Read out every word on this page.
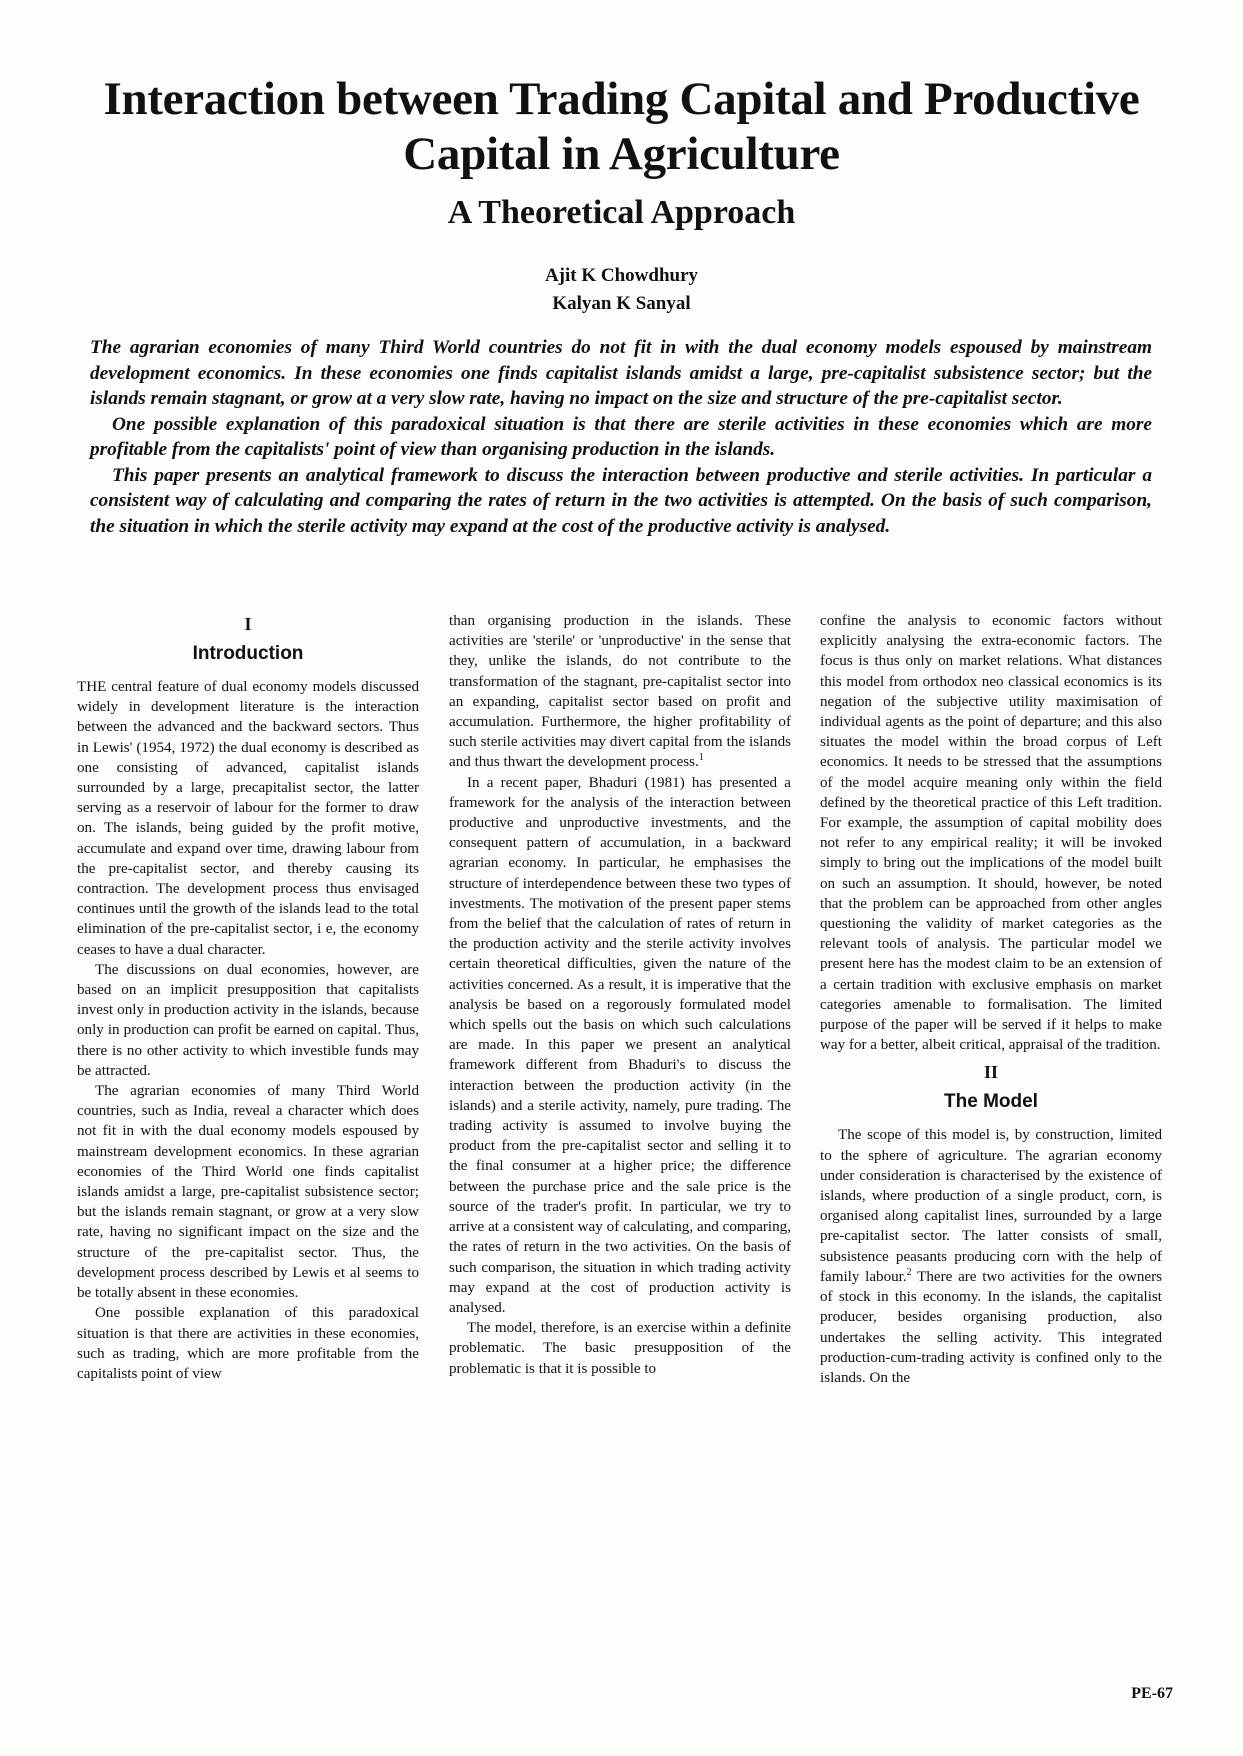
Interaction between Trading Capital and Productive Capital in Agriculture
A Theoretical Approach
Ajit K Chowdhury
Kalyan K Sanyal

The agrarian economies of many Third World countries do not fit in with the dual economy models espoused by mainstream development economics. In these economies one finds capitalist islands amidst a large, pre-capitalist subsistence sector; but the islands remain stagnant, or grow at a very slow rate, having no impact on the size and structure of the pre-capitalist sector.

One possible explanation of this paradoxical situation is that there are sterile activities in these economies which are more profitable from the capitalists' point of view than organising production in the islands.

This paper presents an analytical framework to discuss the interaction between productive and sterile activities. In particular a consistent way of calculating and comparing the rates of return in the two activities is attempted. On the basis of such comparison, the situation in which the sterile activity may expand at the cost of the productive activity is analysed.

I
Introduction

THE central feature of dual economy models discussed widely in development literature is the interaction between the advanced and the backward sectors. Thus in Lewis' (1954, 1972) the dual economy is described as one consisting of advanced, capitalist islands surrounded by a large, precapitalist sector, the latter serving as a reservoir of labour for the former to draw on. The islands, being guided by the profit motive, accumulate and expand over time, drawing labour from the pre-capitalist sector, and thereby causing its contraction. The development process thus envisaged continues until the growth of the islands lead to the total elimination of the pre-capitalist sector, i e, the economy ceases to have a dual character.

The discussions on dual economies, however, are based on an implicit presupposition that capitalists invest only in production activity in the islands, because only in production can profit be earned on capital. Thus, there is no other activity to which investible funds may be attracted.

The agrarian economies of many Third World countries, such as India, reveal a character which does not fit in with the dual economy models espoused by mainstream development economics. In these agrarian economies of the Third World one finds capitalist islands amidst a large, pre-capitalist subsistence sector; but the islands remain stagnant, or grow at a very slow rate, having no significant impact on the size and the structure of the pre-capitalist sector. Thus, the development process described by Lewis et al seems to be totally absent in these economies.

One possible explanation of this paradoxical situation is that there are activities in these economies, such as trading, which are more profitable from the capitalists point of view

than organising production in the islands. These activities are 'sterile' or 'unproductive' in the sense that they, unlike the islands, do not contribute to the transformation of the stagnant, pre-capitalist sector into an expanding, capitalist sector based on profit and accumulation. Furthermore, the higher profitability of such sterile activities may divert capital from the islands and thus thwart the development process.$^1$

In a recent paper, Bhaduri (1981) has presented a framework for the analysis of the interaction between productive and unproductive investments, and the consequent pattern of accumulation, in a backward agrarian economy. In particular, he emphasises the structure of interdependence between these two types of investments. The motivation of the present paper stems from the belief that the calculation of rates of return in the production activity and the sterile activity involves certain theoretical difficulties, given the nature of the activities concerned. As a result, it is imperative that the analysis be based on a regorously formulated model which spells out the basis on which such calculations are made. In this paper we present an analytical framework different from Bhaduri's to discuss the interaction between the production activity (in the islands) and a sterile activity, namely, pure trading. The trading activity is assumed to involve buying the product from the pre-capitalist sector and selling it to the final consumer at a higher price; the difference between the purchase price and the sale price is the source of the trader's profit. In particular, we try to arrive at a consistent way of calculating, and comparing, the rates of return in the two activities. On the basis of such comparison, the situation in which trading activity may expand at the cost of production activity is analysed.

The model, therefore, is an exercise within a definite problematic. The basic presupposition of the problematic is that it is possible to

confine the analysis to economic factors without explicitly analysing the extra-economic factors. The focus is thus only on market relations. What distances this model from orthodox neo classical economics is its negation of the subjective utility maximisation of individual agents as the point of departure; and this also situates the model within the broad corpus of Left economics. It needs to be stressed that the assumptions of the model acquire meaning only within the field defined by the theoretical practice of this Left tradition. For example, the assumption of capital mobility does not refer to any empirical reality; it will be invoked simply to bring out the implications of the model built on such an assumption. It should, however, be noted that the problem can be approached from other angles questioning the validity of market categories as the relevant tools of analysis. The particular model we present here has the modest claim to be an extension of a certain tradition with exclusive emphasis on market categories amenable to formalisation. The limited purpose of the paper will be served if it helps to make way for a better, albeit critical, appraisal of the tradition.

II
The Model

The scope of this model is, by construction, limited to the sphere of agriculture. The agrarian economy under consideration is characterised by the existence of islands, where production of a single product, corn, is organised along capitalist lines, surrounded by a large pre-capitalist sector. The latter consists of small, subsistence peasants producing corn with the help of family labour.$^2$ There are two activities for the owners of stock in this economy. In the islands, the capitalist producer, besides organising production, also undertakes the selling activity. This integrated production-cum-trading activity is confined only to the islands. On the

PE-67
